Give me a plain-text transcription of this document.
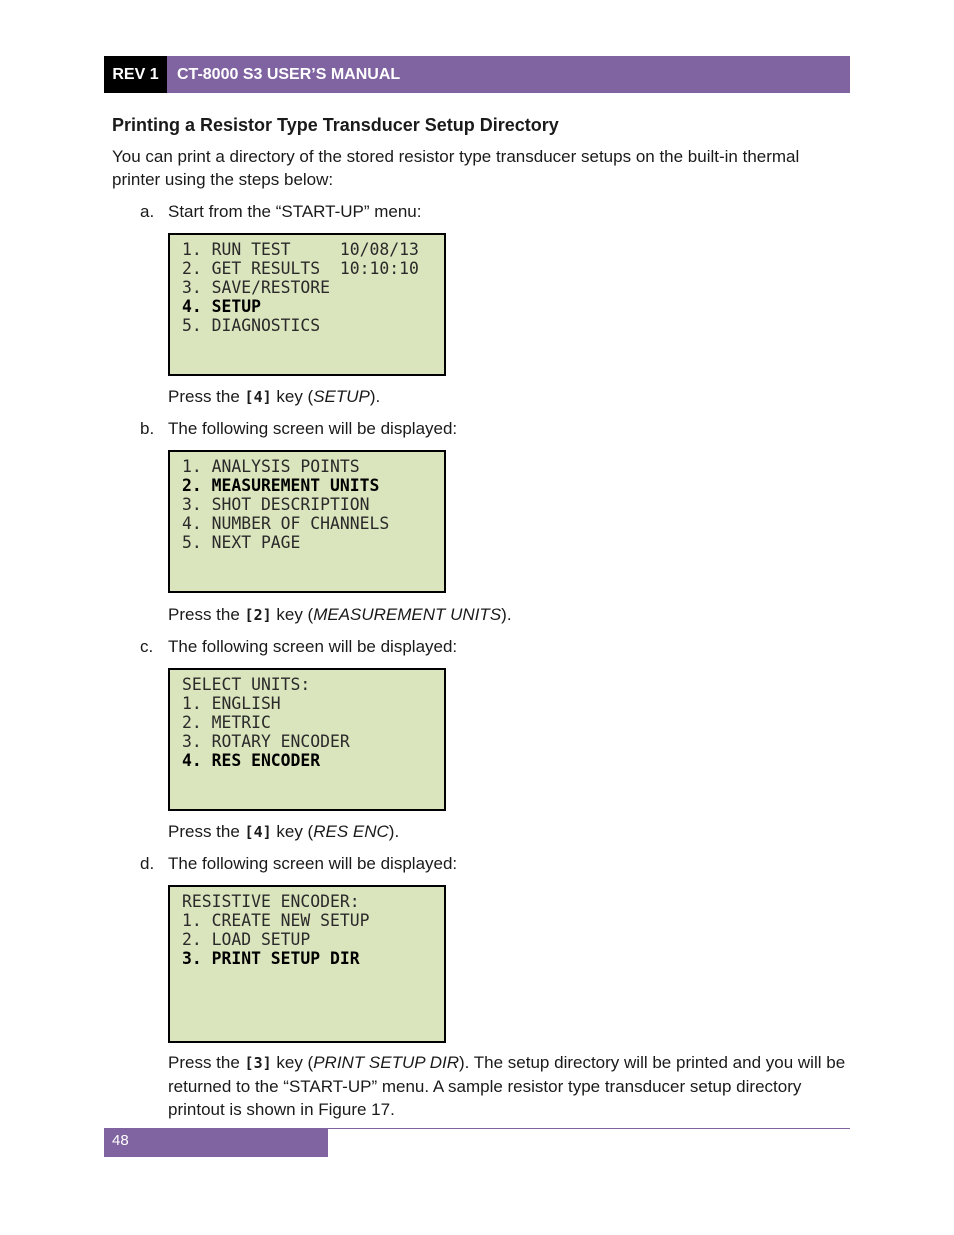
REV 1	CT-8000 S3 USER’S MANUAL
Printing a Resistor Type Transducer Setup Directory
You can print a directory of the stored resistor type transducer setups on the built-in thermal printer using the steps below:
a. Start from the “START-UP” menu:
1. RUN TEST     10/08/13
2. GET RESULTS  10:10:10
3. SAVE/RESTORE
4. SETUP
5. DIAGNOSTICS
Press the [4] key (SETUP).
b. The following screen will be displayed:
1. ANALYSIS POINTS
2. MEASUREMENT UNITS
3. SHOT DESCRIPTION
4. NUMBER OF CHANNELS
5. NEXT PAGE
Press the [2] key (MEASUREMENT UNITS).
c. The following screen will be displayed:
SELECT UNITS:
1. ENGLISH
2. METRIC
3. ROTARY ENCODER
4. RES ENCODER
Press the [4] key (RES ENC).
d. The following screen will be displayed:
RESISTIVE ENCODER:
1. CREATE NEW SETUP
2. LOAD SETUP
3. PRINT SETUP DIR
Press the [3] key (PRINT SETUP DIR). The setup directory will be printed and you will be returned to the “START-UP” menu. A sample resistor type transducer setup directory printout is shown in Figure 17.
48
